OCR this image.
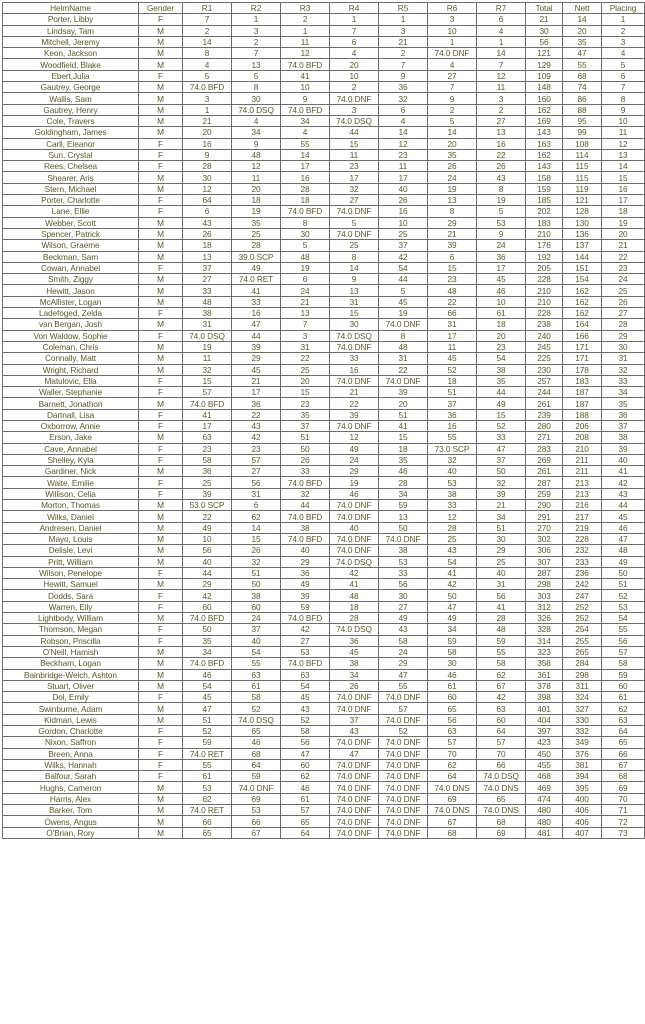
HelmName	Gender	R1	R2	R3	R4	R5	R6	R7	Total	Nett	Placing
Porter, Libby	F	7	1	2	1	1	3	6	21	14	1
Lindsay, Tam	M	2	3	1	7	3	10	4	30	20	2
Mitchell, Jeremy	M	14	2	11	6	21	1	1	56	35	3
Keon, Jackson	M	8	7	12	4	2	74.0 DNF	14	121	47	4
Woodfield, Blake	M	4	13	74.0 BFD	20	7	4	7	129	55	5
Ebert,Julia	F	5	5	41	10	9	27	12	109	68	6
Gautrey, George	M	74.0 BFD	8	10	2	36	7	11	148	74	7
Wallis, Sam	M	3	30	9	74.0 DNF	32	9	3	160	86	8
Gautrey, Henry	M	1	74.0 DSQ	74.0 BFD	3	6	2	2	162	88	9
Cole, Travers	M	21	4	34	74.0 DSQ	4	5	27	169	95	10
Goldingham, James	M	20	34	4	44	14	14	13	143	99	11
Carll, Eleanor	F	16	9	55	15	12	20	16	163	108	12
Sun, Crystal	F	9	48	14	11	23	35	22	162	114	13
Rees, Chelsea	F	28	12	17	23	11	26	26	143	115	14
Shearer, Aris	M	30	11	16	17	17	24	43	158	115	15
Stern, Michael	M	12	20	28	32	40	19	8	159	119	16
Porter, Charlotte	F	64	18	18	27	26	13	19	185	121	17
Lane, Ellie	F	6	19	74.0 BFD	74.0 DNF	16	8	5	202	128	18
Webber, Scott	M	43	35	8	5	10	29	53	183	130	19
Spencer, Patrick	M	26	25	30	74.0 DNF	25	21	9	210	136	20
Wilson, Graeme	M	18	28	5	25	37	39	24	176	137	21
Beckman, Sam	M	13	39.0 SCP	48	8	42	6	36	192	144	22
Cowan, Annabel	F	37	49	19	14	54	15	17	205	151	23
Smith, Ziggy	M	27	74.0 RET	6	9	44	23	45	228	154	24
Hewitt, Jason	M	33	41	24	13	5	48	46	210	162	25
McAllister, Logan	M	48	33	21	31	45	22	10	210	162	26
Ladefoged, Zelda	F	38	16	13	15	19	66	61	228	162	27
van Bergan, Josh	M	31	47	7	30	74.0 DNF	31	18	238	164	28
Von Waldow, Sophie	F	74.0 DSQ	44	3	74.0 DSQ	8	17	20	240	166	29
Coleman, Chris	M	19	39	31	74.0 DNF	48	11	23	245	171	30
Connally, Matt	M	11	29	22	33	31	45	54	225	171	31
Wright, Richard	M	32	45	25	16	22	52	38	230	178	32
Matulovic, Ella	F	15	21	20	74.0 DNF	74.0 DNF	18	35	257	183	33
Waller, Stephanie	F	57	17	15	21	39	51	44	244	187	34
Barnett, Jonathon	M	74.0 BFD	36	23	22	20	37	49	261	187	35
Dartnall, Lisa	F	41	22	35	39	51	36	15	239	188	36
Oxborrow, Annie	F	17	43	37	74.0 DNF	41	16	52	280	206	37
Erson, Jake	M	63	42	51	12	15	55	33	271	208	38
Cave, Annabel	F	23	23	50	49	18	73.0 SCP	47	283	210	39
Shelley, Kyla	F	58	57	26	24	35	32	37	269	211	40
Gardiner, Nick	M	36	27	33	29	46	40	50	261	211	41
Waite, Emilie	F	25	56	74.0 BFD	19	28	53	32	287	213	42
Willison, Celia	F	39	31	32	46	34	38	39	259	213	43
Morton, Thomas	M	53.0 SCP	6	44	74.0 DNF	59	33	21	290	216	44
Wilks, Daniel	M	22	62	74.0 BFD	74.0 DNF	13	12	34	291	217	45
Andresen, Daniel	M	49	14	38	40	50	28	51	270	219	46
Mayo, Louis	M	10	15	74.0 BFD	74.0 DNF	74.0 DNF	25	30	302	228	47
Delisle, Levi	M	56	26	40	74.0 DNF	38	43	29	306	232	48
Pritt, William	M	40	32	29	74.0 DSQ	53	54	25	307	233	49
Wilson, Penelope	F	44	51	36	42	33	41	40	287	236	50
Hewitt, Samuel	M	29	50	49	41	56	42	31	298	242	51
Dodds, Sara	F	42	38	39	48	30	50	56	303	247	52
Warren, Elly	F	60	60	59	18	27	47	41	312	252	53
Lightbody, William	M	74.0 BFD	24	74.0 BFD	28	49	49	28	326	252	54
Thomson, Megan	F	50	37	42	74.0 DSQ	43	34	48	328	254	55
Robson, Priscilla	F	35	40	27	36	58	59	59	314	255	56
O'Neill, Hamish	M	34	54	53	45	24	58	55	323	265	57
Beckham, Logan	M	74.0 BFD	55	74.0 BFD	38	29	30	58	358	284	58
Bainbridge-Welch, Ashton	M	46	63	63	34	47	46	62	361	298	59
Stuart, Oliver	M	54	61	54	26	55	61	67	378	311	60
Dol, Emily	F	45	58	45	74.0 DNF	74.0 DNF	60	42	398	324	61
Swinburne, Adam	M	47	52	43	74.0 DNF	57	65	63	401	327	62
Kidman, Lewis	M	51	74.0 DSQ	52	37	74.0 DNF	56	60	404	330	63
Gordon, Charlotte	F	52	65	58	43	52	63	64	397	332	64
Nixon, Saffron	F	59	46	56	74.0 DNF	74.0 DNF	57	57	423	349	65
Breen, Anna	F	74.0 RET	68	47	47	74.0 DNF	70	70	450	376	66
Wilks, Hannah	F	55	64	60	74.0 DNF	74.0 DNF	62	66	455	381	67
Balfour, Sarah	F	61	59	62	74.0 DNF	74.0 DNF	64	74.0 DSQ	468	394	68
Hughs, Cameron	M	53	74.0 DNF	46	74.0 DNF	74.0 DNF	74.0 DNS	74.0 DNS	469	395	69
Harris, Alex	M	62	69	61	74.0 DNF	74.0 DNF	69	65	474	400	70
Barker, Tom	M	74.0 RET	53	57	74.0 DNF	74.0 DNF	74.0 DNS	74.0 DNS	480	406	71
Owens, Angus	M	66	66	65	74.0 DNF	74.0 DNF	67	68	480	406	72
O'Brian, Rory	M	65	67	64	74.0 DNF	74.0 DNF	68	69	481	407	73
